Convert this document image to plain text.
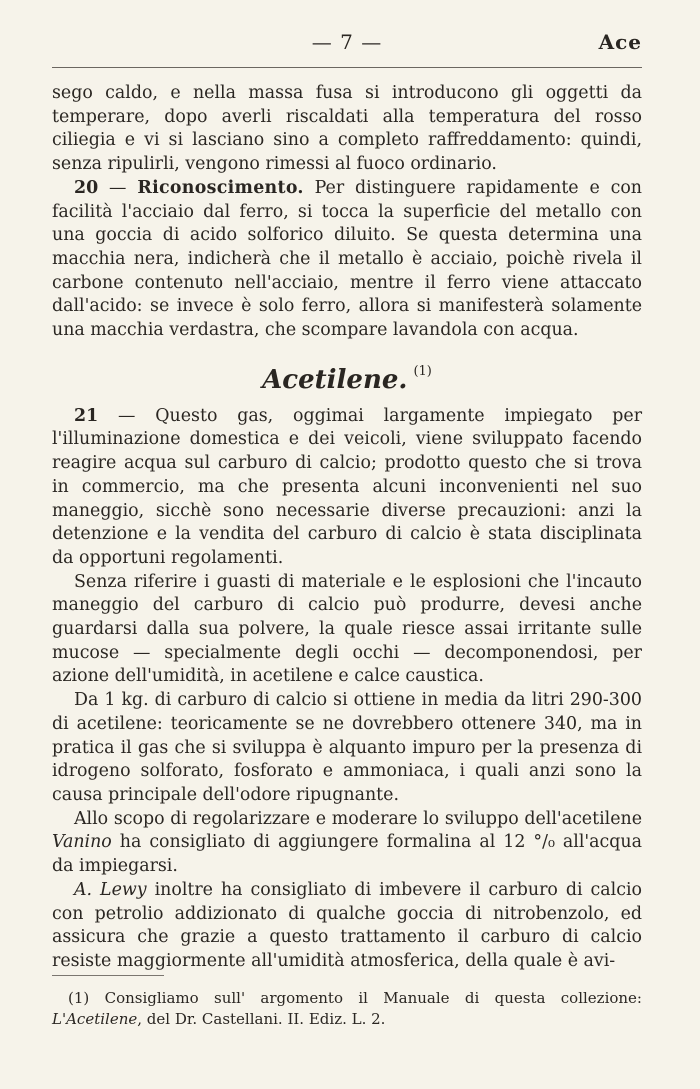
— 7 —	Ace

sego caldo, e nella massa fusa si introducono gli oggetti da temperare, dopo averli riscaldati alla temperatura del rosso ciliegia e vi si lasciano sino a completo raffreddamento: quindi, senza ripulirli, vengono rimessi al fuoco ordinario.

20 — Riconoscimento. Per distinguere rapidamente e con facilità l'acciaio dal ferro, si tocca la superficie del metallo con una goccia di acido solforico diluito. Se questa determina una macchia nera, indicherà che il metallo è acciaio, poichè rivela il carbone contenuto nell'acciaio, mentre il ferro viene attaccato dall'acido: se invece è solo ferro, allora si manifesterà solamente una macchia verdastra, che scompare lavandola con acqua.

Acetilene. $^{(1)}$

21 — Questo gas, oggimai largamente impiegato per l'illuminazione domestica e dei veicoli, viene sviluppato facendo reagire acqua sul carburo di calcio; prodotto questo che si trova in commercio, ma che presenta alcuni inconvenienti nel suo maneggio, sicchè sono necessarie diverse precauzioni: anzi la detenzione e la vendita del carburo di calcio è stata disciplinata da opportuni regolamenti.

Senza riferire i guasti di materiale e le esplosioni che l'incauto maneggio del carburo di calcio può produrre, devesi anche guardarsi dalla sua polvere, la quale riesce assai irritante sulle mucose — specialmente degli occhi — decomponendosi, per azione dell'umidità, in acetilene e calce caustica.

Da 1 kg. di carburo di calcio si ottiene in media da litri 290-300 di acetilene: teoricamente se ne dovrebbero ottenere 340, ma in pratica il gas che si sviluppa è alquanto impuro per la presenza di idrogeno solforato, fosforato e ammoniaca, i quali anzi sono la causa principale dell'odore ripugnante.

Allo scopo di regolarizzare e moderare lo sviluppo dell'acetilene Vanino ha consigliato di aggiungere formalina al 12 °/₀ all'acqua da impiegarsi.

A. Lewy inoltre ha consigliato di imbevere il carburo di calcio con petrolio addizionato di qualche goccia di nitrobenzolo, ed assicura che grazie a questo trattamento il carburo di calcio resiste maggiormente all'umidità atmosferica, della quale è avi-

(1) Consigliamo sull' argomento il Manuale di questa collezione: L'Acetilene, del Dr. Castellani. II. Ediz. L. 2.
